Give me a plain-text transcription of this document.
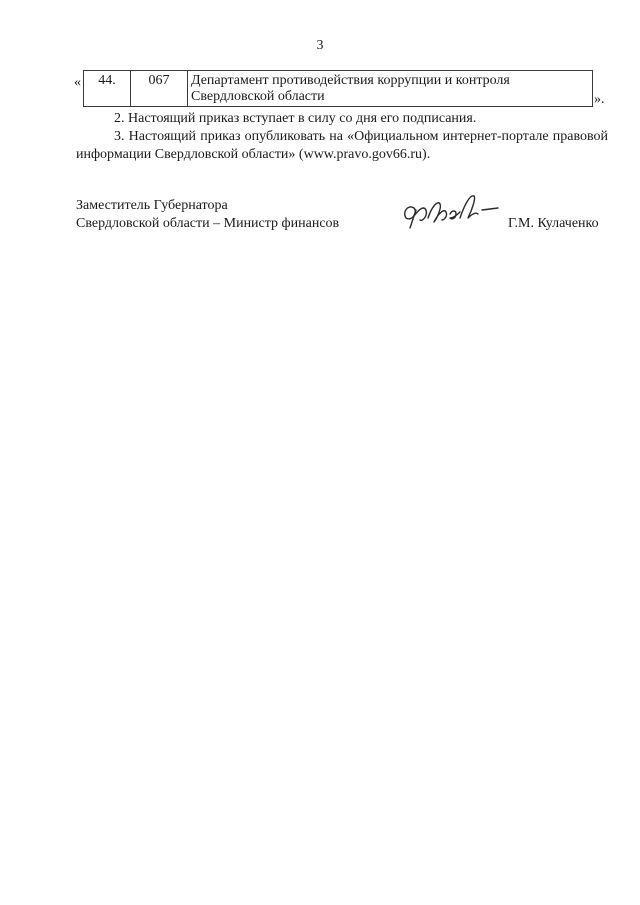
3
« 44.	067	Департамент противодействия коррупции и контроля Свердловской области	».
2. Настоящий приказ вступает в силу со дня его подписания.
3. Настоящий приказ опубликовать на «Официальном интернет-портале правовой информации Свердловской области» (www.pravo.gov66.ru).
Заместитель Губернатора
Свердловской области – Министр финансов	Г.М. Кулаченко
